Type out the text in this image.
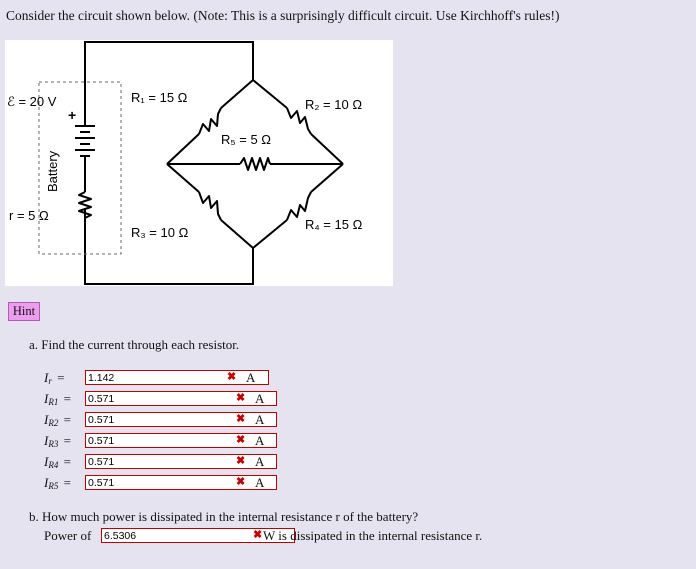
Consider the circuit shown below. (Note: This is a surprisingly difficult circuit. Use Kirchhoff's rules!)
ℰ = 20 V
+
Battery
r = 5 Ω
R₁ = 15 Ω	R₂ = 10 Ω
R₅ = 5 Ω
R₃ = 10 Ω
R₄ = 15 Ω
Hint
a. Find the current through each resistor.
$I_r$ =
1.142	✖ A
$I_{R1}$ =
0.571	✖ A
$I_{R2}$ =
0.571	✖ A
$I_{R3}$ =
0.571	✖ A
$I_{R4}$ =
0.571	✖ A
$I_{R5}$ =
0.571	✖ A
b. How much power is dissipated in the internal resistance r of the battery?
Power of
6.5306	✖ W is dissipated in the internal resistance r.
